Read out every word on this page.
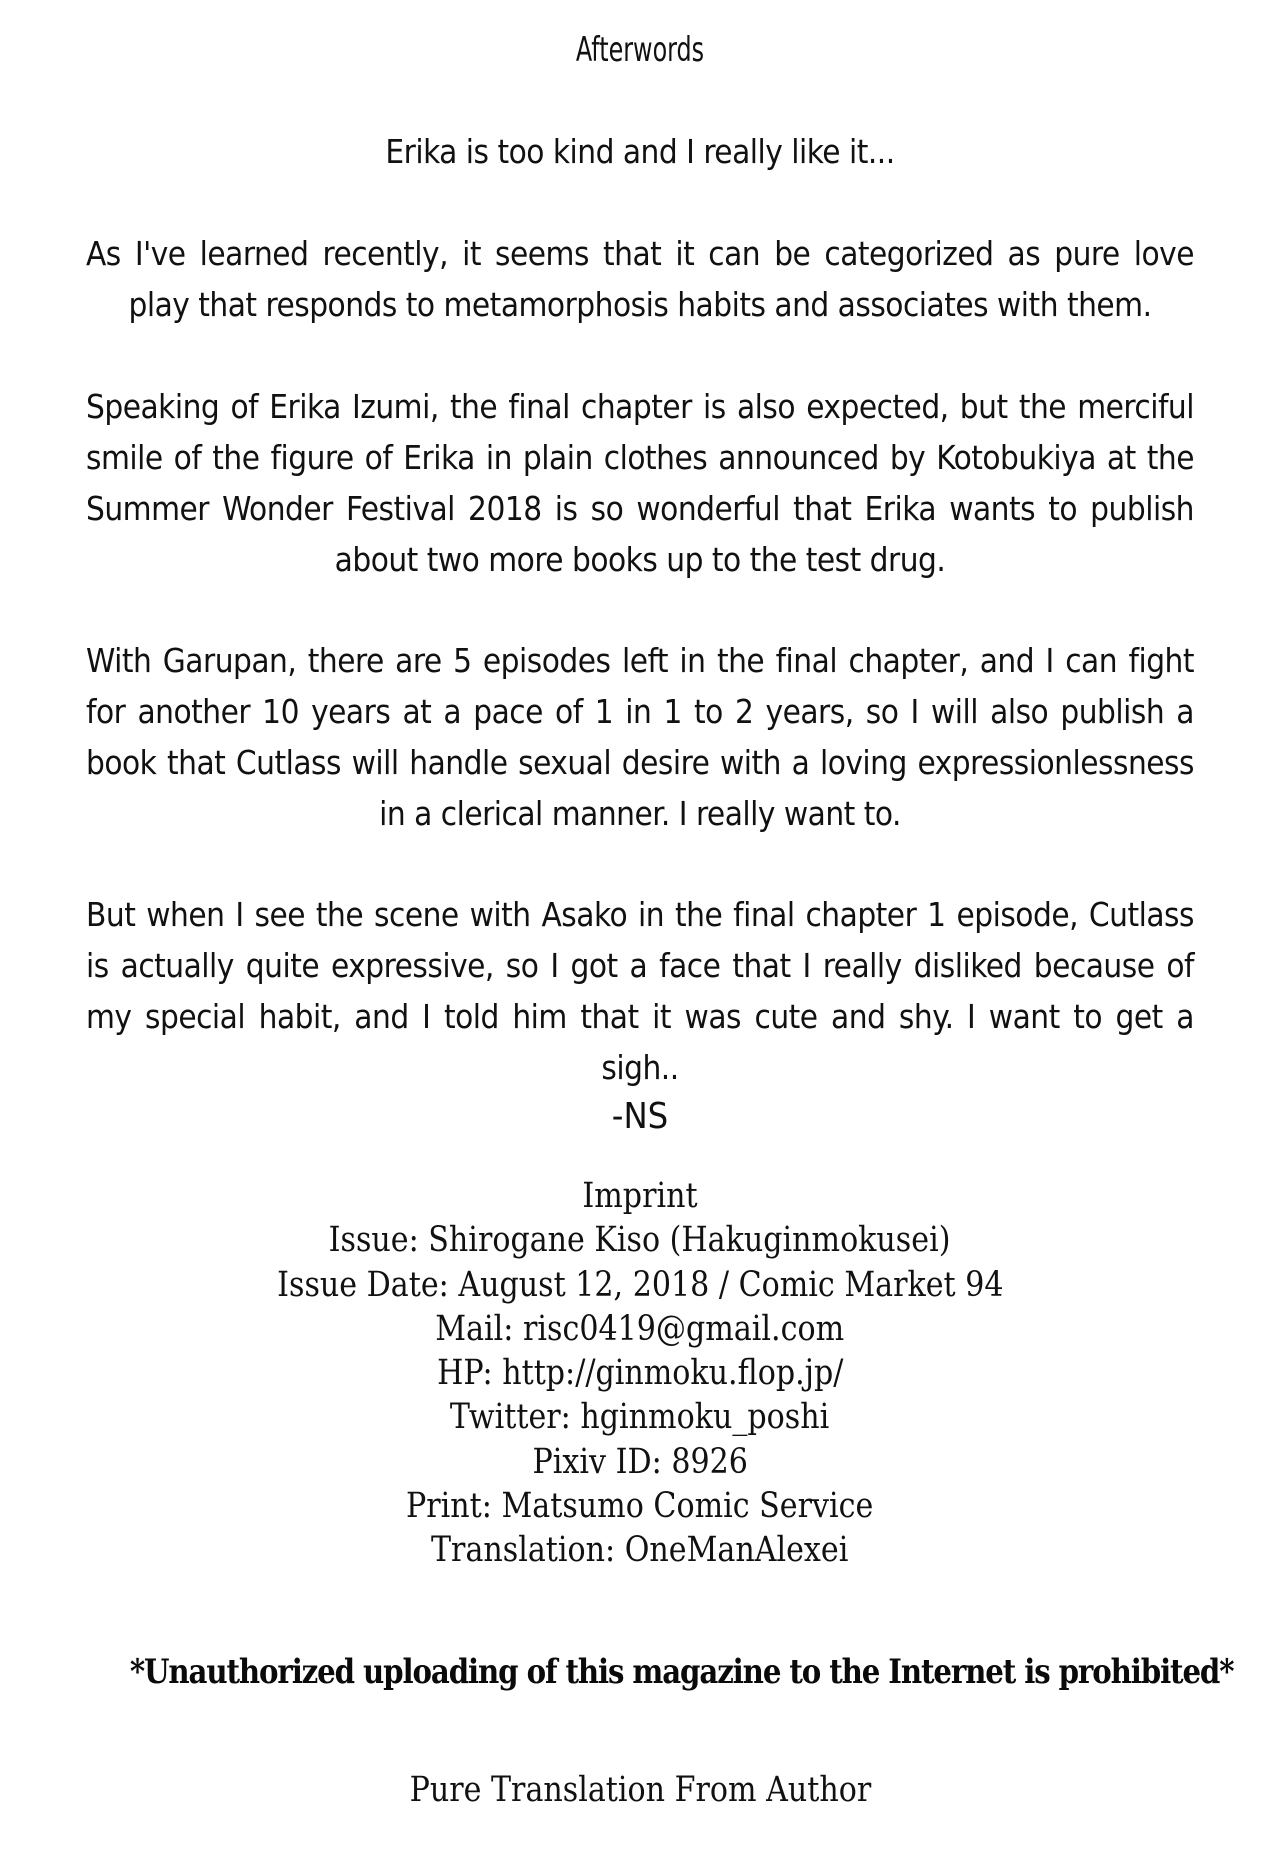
Afterwords
Erika is too kind and I really like it...
As I've learned recently, it seems that it can be categorized as pure love play that responds to metamorphosis habits and associates with them.
Speaking of Erika Izumi, the final chapter is also expected, but the merciful smile of the figure of Erika in plain clothes announced by Kotobukiya at the Summer Wonder Festival 2018 is so wonderful that Erika wants to publish about two more books up to the test drug.
With Garupan, there are 5 episodes left in the final chapter, and I can fight for another 10 years at a pace of 1 in 1 to 2 years, so I will also publish a book that Cutlass will handle sexual desire with a loving expressionlessness in a clerical manner. I really want to.
But when I see the scene with Asako in the final chapter 1 episode, Cutlass is actually quite expressive, so I got a face that I really disliked because of my special habit, and I told him that it was cute and shy. I want to get a sigh..
-NS
Imprint
Issue: Shirogane Kiso (Hakuginmokusei)
Issue Date: August 12, 2018 / Comic Market 94
Mail: risc0419@gmail.com
HP: http://ginmoku.flop.jp/
Twitter: hginmoku_poshi
Pixiv ID: 8926
Print: Matsumo Comic Service
Translation: OneManAlexei
*Unauthorized uploading of this magazine to the Internet is prohibited*
Pure Translation From Author
